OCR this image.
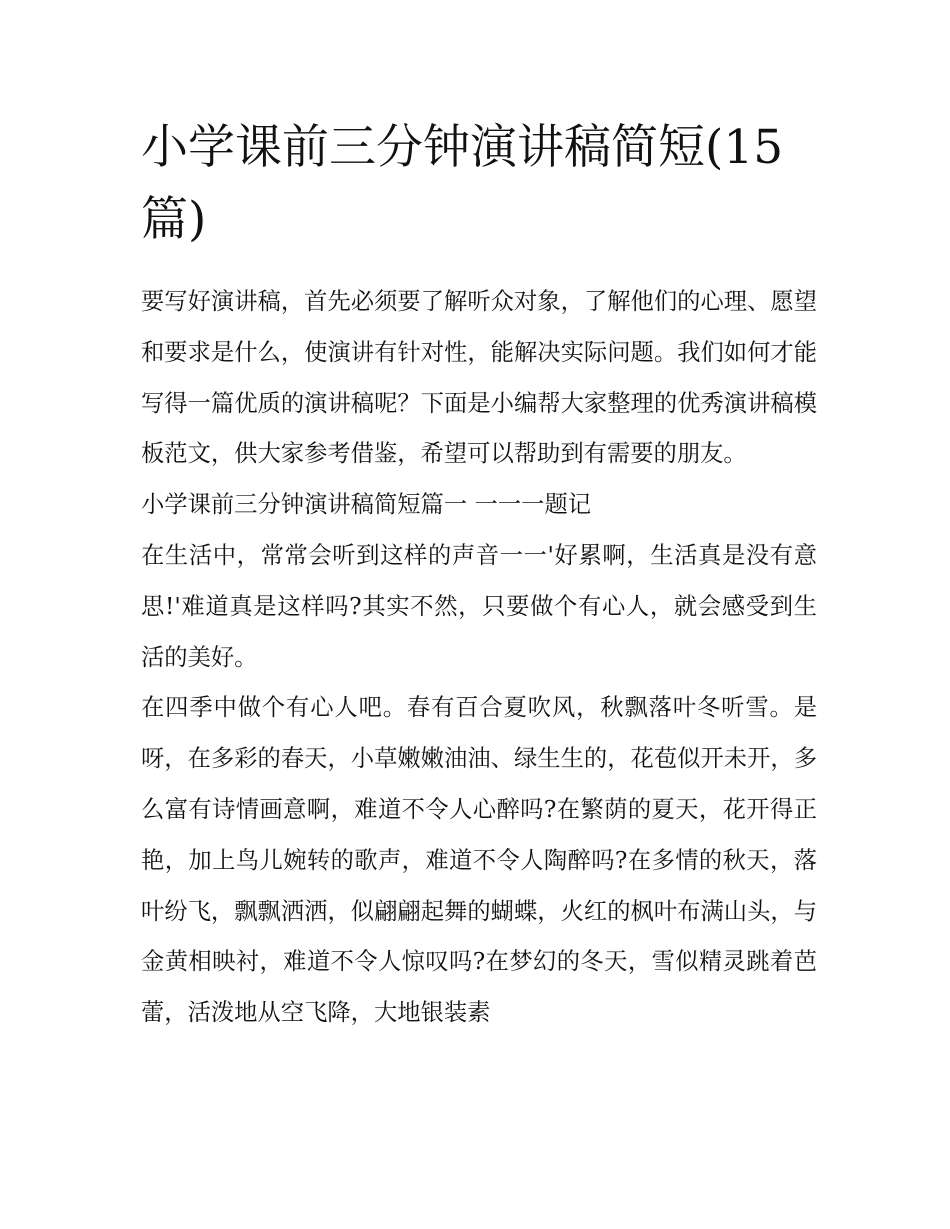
小学课前三分钟演讲稿简短(15篇)

要写好演讲稿，首先必须要了解听众对象，了解他们的心理、愿望和要求是什么，使演讲有针对性，能解决实际问题。我们如何才能写得一篇优质的演讲稿呢？下面是小编帮大家整理的优秀演讲稿模板范文，供大家参考借鉴，希望可以帮助到有需要的朋友。

小学课前三分钟演讲稿简短篇一 一一一题记

在生活中，常常会听到这样的声音一一'好累啊，生活真是没有意思!'难道真是这样吗?其实不然，只要做个有心人，就会感受到生活的美好。

在四季中做个有心人吧。春有百合夏吹风，秋飘落叶冬听雪。是呀，在多彩的春天，小草嫩嫩油油、绿生生的，花苞似开未开，多么富有诗情画意啊，难道不令人心醉吗?在繁荫的夏天，花开得正艳，加上鸟儿婉转的歌声，难道不令人陶醉吗?在多情的秋天，落叶纷飞，飘飘洒洒，似翩翩起舞的蝴蝶，火红的枫叶布满山头，与金黄相映衬，难道不令人惊叹吗?在梦幻的冬天，雪似精灵跳着芭蕾，活泼地从空飞降，大地银装素
